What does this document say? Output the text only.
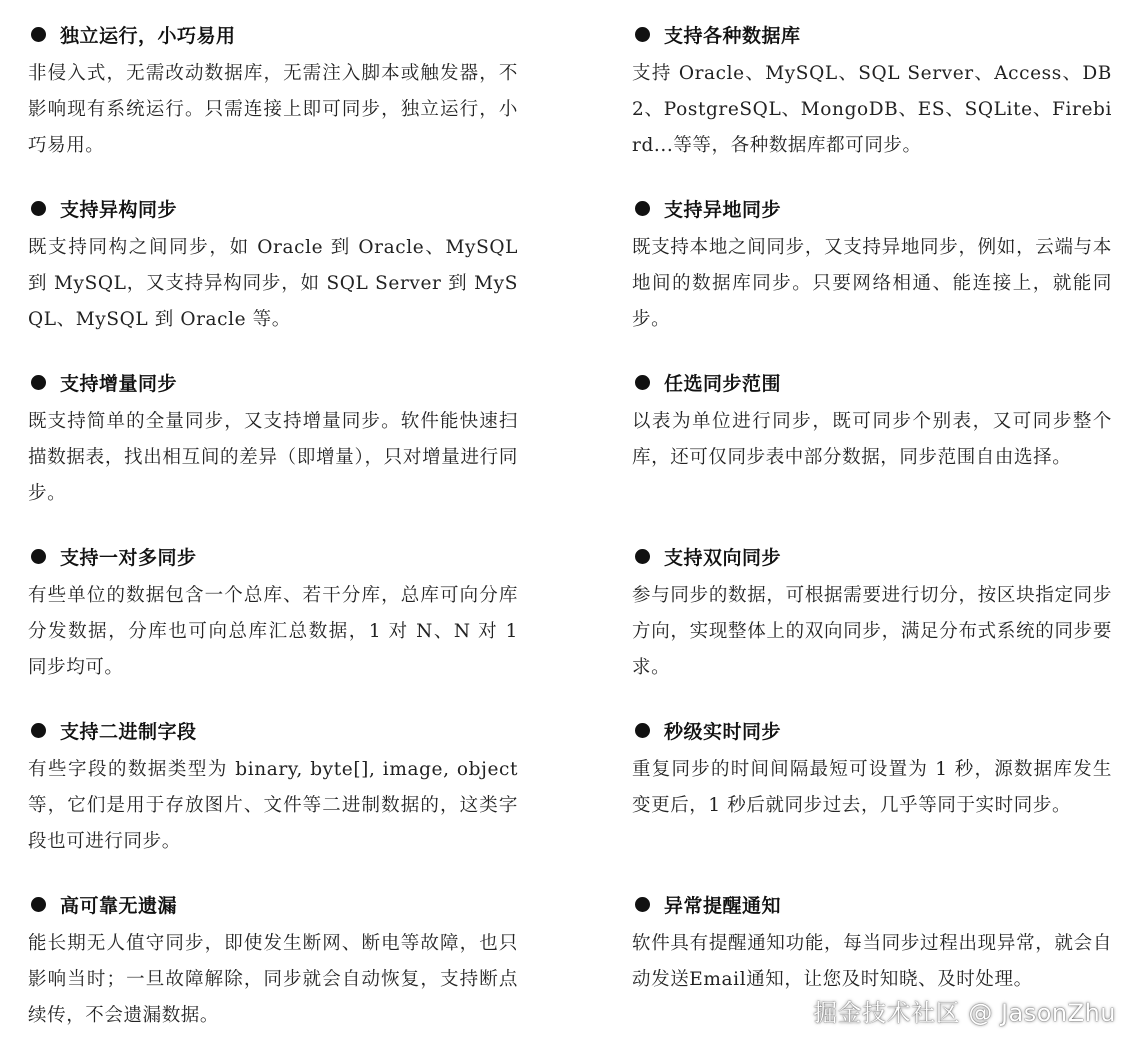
独立运行，小巧易用
非侵入式，无需改动数据库，无需注入脚本或触发器，不影响现有系统运行。只需连接上即可同步，独立运行，小巧易用。
支持各种数据库
支持 Oracle、MySQL、SQL Server、Access、DB2、PostgreSQL、MongoDB、ES、SQLite、Firebird...等等，各种数据库都可同步。
支持异构同步
既支持同构之间同步，如 Oracle 到 Oracle、MySQL 到 MySQL，又支持异构同步，如 SQL Server 到 MySQL、MySQL 到 Oracle 等。
支持异地同步
既支持本地之间同步，又支持异地同步，例如，云端与本地间的数据库同步。只要网络相通、能连接上，就能同步。
支持增量同步
既支持简单的全量同步，又支持增量同步。软件能快速扫描数据表，找出相互间的差异（即增量），只对增量进行同步。
任选同步范围
以表为单位进行同步，既可同步个别表，又可同步整个库，还可仅同步表中部分数据，同步范围自由选择。
支持一对多同步
有些单位的数据包含一个总库、若干分库，总库可向分库分发数据，分库也可向总库汇总数据，1 对 N、N 对 1 同步均可。
支持双向同步
参与同步的数据，可根据需要进行切分，按区块指定同步方向，实现整体上的双向同步，满足分布式系统的同步要求。
支持二进制字段
有些字段的数据类型为 binary, byte[], image, object 等，它们是用于存放图片、文件等二进制数据的，这类字段也可进行同步。
秒级实时同步
重复同步的时间间隔最短可设置为 1 秒，源数据库发生变更后，1 秒后就同步过去，几乎等同于实时同步。
高可靠无遗漏
能长期无人值守同步，即使发生断网、断电等故障，也只影响当时；一旦故障解除，同步就会自动恢复，支持断点续传，不会遗漏数据。
异常提醒通知
软件具有提醒通知功能，每当同步过程出现异常，就会自动发送Email通知，让您及时知晓、及时处理。
掘金技术社区 @ JasonZhu
